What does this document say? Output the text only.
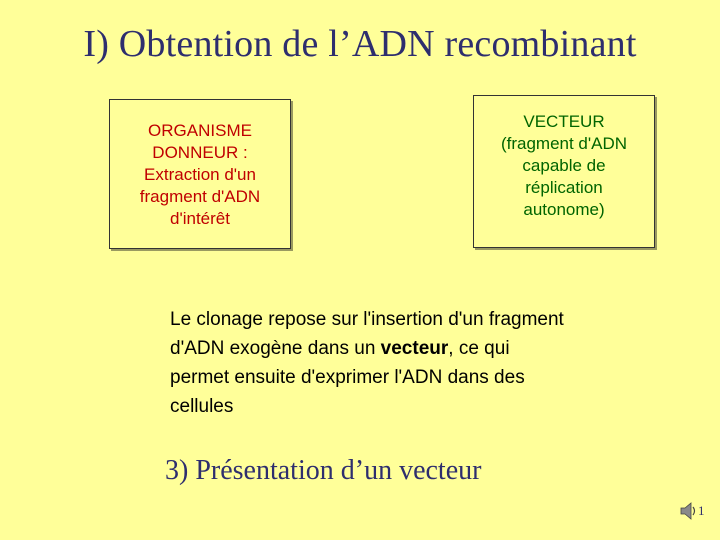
I) Obtention de l’ADN recombinant
ORGANISME
DONNEUR :
Extraction d'un
fragment d'ADN
d'intérêt
VECTEUR
(fragment d'ADN
capable de
réplication
autonome)
Le clonage repose sur l'insertion d'un fragment d'ADN exogène dans un vecteur, ce qui permet ensuite d'exprimer l'ADN dans des cellules
3) Présentation d’un vecteur
1
